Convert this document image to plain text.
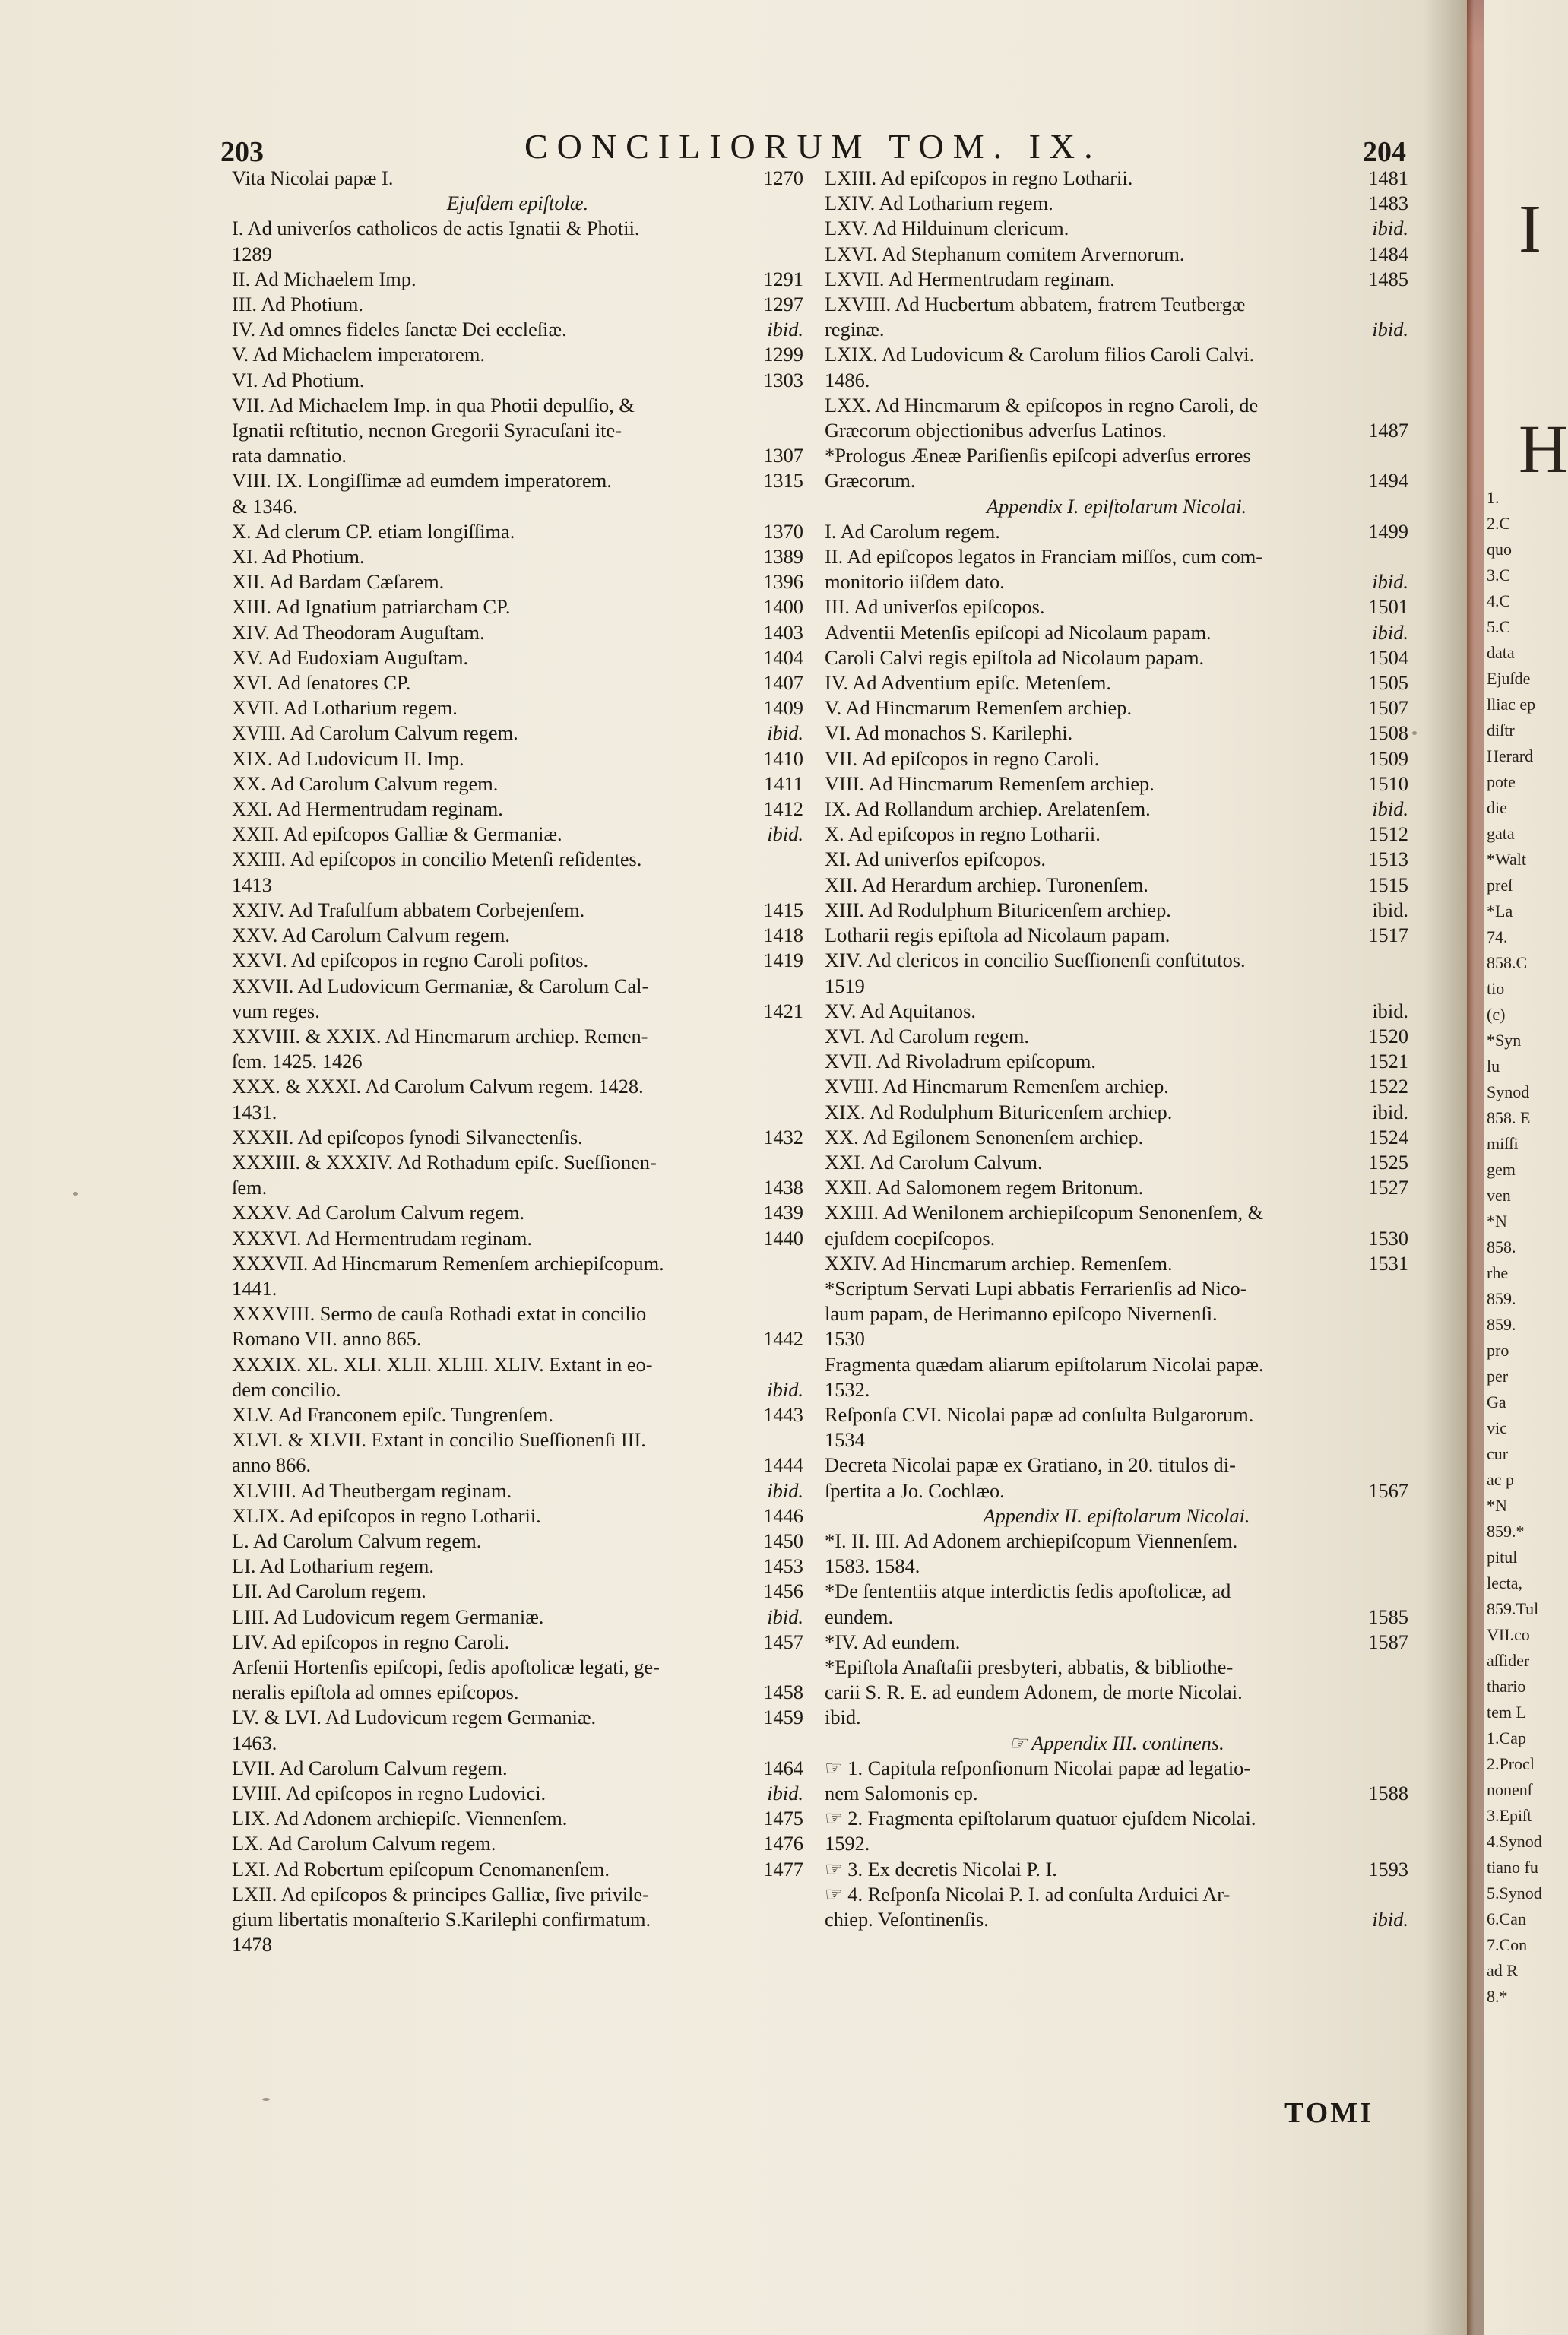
203	CONCILIORUM TOM. IX.	204
Vita Nicolai papæ I.	1270
Ejuſdem epiſtolæ.
I. Ad univerſos catholicos de actis Ignatii & Photii.
1289
II. Ad Michaelem Imp.	1291
III. Ad Photium.	1297
IV. Ad omnes fideles ſanctæ Dei eccleſiæ.	ibid.
V. Ad Michaelem imperatorem.	1299
VI. Ad Photium.	1303
VII. Ad Michaelem Imp. in qua Photii depulſio, &
Ignatii reſtitutio, necnon Gregorii Syracuſani ite-
rata damnatio.	1307
VIII. IX. Longiſſimæ ad eumdem imperatorem.	1315
& 1346.
X. Ad clerum CP. etiam longiſſima.	1370
XI. Ad Photium.	1389
XII. Ad Bardam Cæſarem.	1396
XIII. Ad Ignatium patriarcham CP.	1400
XIV. Ad Theodoram Auguſtam.	1403
XV. Ad Eudoxiam Auguſtam.	1404
XVI. Ad ſenatores CP.	1407
XVII. Ad Lotharium regem.	1409
XVIII. Ad Carolum Calvum regem.	ibid.
XIX. Ad Ludovicum II. Imp.	1410
XX. Ad Carolum Calvum regem.	1411
XXI. Ad Hermentrudam reginam.	1412
XXII. Ad epiſcopos Galliæ & Germaniæ.	ibid.
XXIII. Ad epiſcopos in concilio Metenſi reſidentes.
1413
XXIV. Ad Traſulfum abbatem Corbejenſem.	1415
XXV. Ad Carolum Calvum regem.	1418
XXVI. Ad epiſcopos in regno Caroli poſitos.	1419
XXVII. Ad Ludovicum Germaniæ, & Carolum Cal-
vum reges.	1421
XXVIII. & XXIX. Ad Hincmarum archiep. Remen-
ſem. 1425. 1426
XXX. & XXXI. Ad Carolum Calvum regem. 1428.
1431.
XXXII. Ad epiſcopos ſynodi Silvanectenſis.	1432
XXXIII. & XXXIV. Ad Rothadum epiſc. Sueſſionen-
ſem.	1438
XXXV. Ad Carolum Calvum regem.	1439
XXXVI. Ad Hermentrudam reginam.	1440
XXXVII. Ad Hincmarum Remenſem archiepiſcopum.
1441.
XXXVIII. Sermo de cauſa Rothadi extat in concilio
Romano VII. anno 865.	1442
XXXIX. XL. XLI. XLII. XLIII. XLIV. Extant in eo-
dem concilio.	ibid.
XLV. Ad Franconem epiſc. Tungrenſem.	1443
XLVI. & XLVII. Extant in concilio Sueſſionenſi III.
anno 866.	1444
XLVIII. Ad Theutbergam reginam.	ibid.
XLIX. Ad epiſcopos in regno Lotharii.	1446
L. Ad Carolum Calvum regem.	1450
LI. Ad Lotharium regem.	1453
LII. Ad Carolum regem.	1456
LIII. Ad Ludovicum regem Germaniæ.	ibid.
LIV. Ad epiſcopos in regno Caroli.	1457
Arſenii Hortenſis epiſcopi, ſedis apoſtolicæ legati, ge-
neralis epiſtola ad omnes epiſcopos.	1458
LV. & LVI. Ad Ludovicum regem Germaniæ.	1459
1463.
LVII. Ad Carolum Calvum regem.	1464
LVIII. Ad epiſcopos in regno Ludovici.	ibid.
LIX. Ad Adonem archiepiſc. Viennenſem.	1475
LX. Ad Carolum Calvum regem.	1476
LXI. Ad Robertum epiſcopum Cenomanenſem.	1477
LXII. Ad epiſcopos & principes Galliæ, ſive privile-
gium libertatis monaſterio S.Karilephi confirmatum.
1478
LXIII. Ad epiſcopos in regno Lotharii.	1481
LXIV. Ad Lotharium regem.	1483
LXV. Ad Hilduinum clericum.	ibid.
LXVI. Ad Stephanum comitem Arvernorum.	1484
LXVII. Ad Hermentrudam reginam.	1485
LXVIII. Ad Hucbertum abbatem, fratrem Teutbergæ
reginæ.	ibid.
LXIX. Ad Ludovicum & Carolum filios Caroli Calvi.
1486.
LXX. Ad Hincmarum & epiſcopos in regno Caroli, de
Græcorum objectionibus adverſus Latinos.	1487
*Prologus Æneæ Pariſienſis epiſcopi adverſus errores
Græcorum.	1494
Appendix I. epiſtolarum Nicolai.
I. Ad Carolum regem.	1499
II. Ad epiſcopos legatos in Franciam miſſos, cum com-
monitorio iiſdem dato.	ibid.
III. Ad univerſos epiſcopos.	1501
Adventii Metenſis epiſcopi ad Nicolaum papam.	ibid.
Caroli Calvi regis epiſtola ad Nicolaum papam.	1504
IV. Ad Adventium epiſc. Metenſem.	1505
V. Ad Hincmarum Remenſem archiep.	1507
VI. Ad monachos S. Karilephi.	1508
VII. Ad epiſcopos in regno Caroli.	1509
VIII. Ad Hincmarum Remenſem archiep.	1510
IX. Ad Rollandum archiep. Arelatenſem.	ibid.
X. Ad epiſcopos in regno Lotharii.	1512
XI. Ad univerſos epiſcopos.	1513
XII. Ad Herardum archiep. Turonenſem.	1515
XIII. Ad Rodulphum Bituricenſem archiep.	ibid.
Lotharii regis epiſtola ad Nicolaum papam.	1517
XIV. Ad clericos in concilio Sueſſionenſi conſtitutos.
1519
XV. Ad Aquitanos.	ibid.
XVI. Ad Carolum regem.	1520
XVII. Ad Rivoladrum epiſcopum.	1521
XVIII. Ad Hincmarum Remenſem archiep.	1522
XIX. Ad Rodulphum Bituricenſem archiep.	ibid.
XX. Ad Egilonem Senonenſem archiep.	1524
XXI. Ad Carolum Calvum.	1525
XXII. Ad Salomonem regem Britonum.	1527
XXIII. Ad Wenilonem archiepiſcopum Senonenſem, &
ejuſdem coepiſcopos.	1530
XXIV. Ad Hincmarum archiep. Remenſem.	1531
*Scriptum Servati Lupi abbatis Ferrarienſis ad Nico-
laum papam, de Herimanno epiſcopo Nivernenſi.
1530
Fragmenta quædam aliarum epiſtolarum Nicolai papæ.
1532.
Reſponſa CVI. Nicolai papæ ad conſulta Bulgarorum.
1534
Decreta Nicolai papæ ex Gratiano, in 20. titulos di-
ſpertita a Jo. Cochlæo.	1567
Appendix II. epiſtolarum Nicolai.
*I. II. III. Ad Adonem archiepiſcopum Viennenſem.
1583. 1584.
*De ſententiis atque interdictis ſedis apoſtolicæ, ad
eundem.	1585
*IV. Ad eundem.	1587
*Epiſtola Anaſtaſii presbyteri, abbatis, & bibliothe-
carii S. R. E. ad eundem Adonem, de morte Nicolai.
ibid.
☞ Appendix III. continens.
☞ 1. Capitula reſponſionum Nicolai papæ ad legatio-
nem Salomonis ep.	1588
☞ 2. Fragmenta epiſtolarum quatuor ejuſdem Nicolai.
1592.
☞ 3. Ex decretis Nicolai P. I.	1593
☞ 4. Reſponſa Nicolai P. I. ad conſulta Arduici Ar-
chiep. Veſontinenſis.	ibid.
TOMI
I
H
1.
2.C
quo
3.C
4.C
5.C
data
Ejuſde
lliac ep
diſtr
Herard
pote
die
gata
*Walt
preſ
*La
74.
858.C
tio
(c)
*Syn
lu
Synod
858. E
miſſi
gem
ven
*N
858.
rhe
859.
859.
pro
per
Ga
vic
cur
ac p
*N
859.*
pitul
lecta,
859.Tul
VII.co
aſſider
thario
tem L
1.Cap
2.Procl
nonenſ
3.Epiſt
4.Synod
tiano fu
5.Synod
6.Can
7.Con
ad R
8.*
